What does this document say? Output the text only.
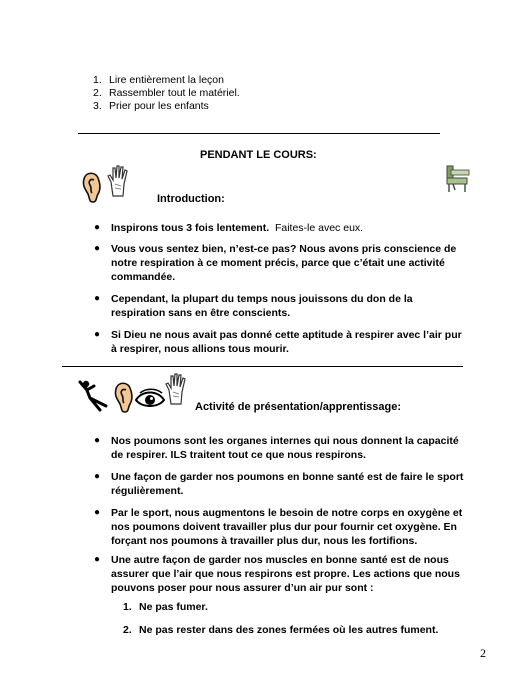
1. Lire entièrement la leçon
2. Rassembler tout le matériel.
3. Prier pour les enfants
PENDANT LE COURS:
Introduction:
● Inspirons tous 3 fois lentement. Faites-le avec eux.
● Vous vous sentez bien, n’est-ce pas? Nous avons pris conscience de notre respiration à ce moment précis, parce que c’était une activité commandée.
● Cependant, la plupart du temps nous jouissons du don de la respiration sans en être conscients.
● Si Dieu ne nous avait pas donné cette aptitude à respirer avec l’air pur à respirer, nous allions tous mourir.
Activité de présentation/apprentissage:
● Nos poumons sont les organes internes qui nous donnent la capacité de respirer. ILS traitent tout ce que nous respirons.
● Une façon de garder nos poumons en bonne santé est de faire le sport régulièrement.
● Par le sport, nous augmentons le besoin de notre corps en oxygène et nos poumons doivent travailler plus dur pour fournir cet oxygène. En forçant nos poumons à travailler plus dur, nous les fortifions.
● Une autre façon de garder nos muscles en bonne santé est de nous assurer que l’air que nous respirons est propre. Les actions que nous pouvons poser pour nous assurer d’un air pur sont :
1. Ne pas fumer.
2. Ne pas rester dans des zones fermées où les autres fument.
2
